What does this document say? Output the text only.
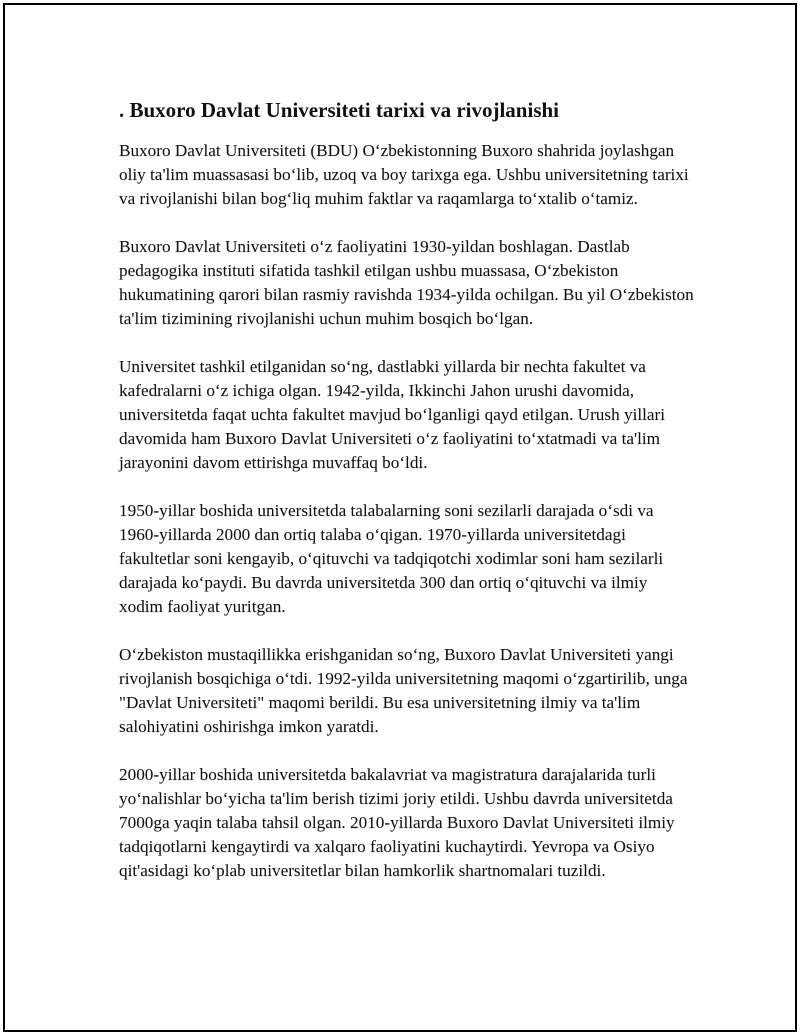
. Buxoro Davlat Universiteti tarixi va rivojlanishi

Buxoro Davlat Universiteti (BDU) O‘zbekistonning Buxoro shahrida joylashgan oliy ta'lim muassasasi bo‘lib, uzoq va boy tarixga ega. Ushbu universitetning tarixi va rivojlanishi bilan bog‘liq muhim faktlar va raqamlarga to‘xtalib o‘tamiz.

Buxoro Davlat Universiteti o‘z faoliyatini 1930-yildan boshlagan. Dastlab pedagogika instituti sifatida tashkil etilgan ushbu muassasa, O‘zbekiston hukumatining qarori bilan rasmiy ravishda 1934-yilda ochilgan. Bu yil O‘zbekiston ta'lim tizimining rivojlanishi uchun muhim bosqich bo‘lgan.

Universitet tashkil etilganidan so‘ng, dastlabki yillarda bir nechta fakultet va kafedralarni o‘z ichiga olgan. 1942-yilda, Ikkinchi Jahon urushi davomida, universitetda faqat uchta fakultet mavjud bo‘lganligi qayd etilgan. Urush yillari davomida ham Buxoro Davlat Universiteti o‘z faoliyatini to‘xtatmadi va ta'lim jarayonini davom ettirishga muvaffaq bo‘ldi.

1950-yillar boshida universitetda talabalarning soni sezilarli darajada o‘sdi va 1960-yillarda 2000 dan ortiq talaba o‘qigan. 1970-yillarda universitetdagi fakultetlar soni kengayib, o‘qituvchi va tadqiqotchi xodimlar soni ham sezilarli darajada ko‘paydi. Bu davrda universitetda 300 dan ortiq o‘qituvchi va ilmiy xodim faoliyat yuritgan.

O‘zbekiston mustaqillikka erishganidan so‘ng, Buxoro Davlat Universiteti yangi rivojlanish bosqichiga o‘tdi. 1992-yilda universitetning maqomi o‘zgartirilib, unga "Davlat Universiteti" maqomi berildi. Bu esa universitetning ilmiy va ta'lim salohiyatini oshirishga imkon yaratdi.

2000-yillar boshida universitetda bakalavriat va magistratura darajalarida turli yo‘nalishlar bo‘yicha ta'lim berish tizimi joriy etildi. Ushbu davrda universitetda 7000ga yaqin talaba tahsil olgan. 2010-yillarda Buxoro Davlat Universiteti ilmiy tadqiqotlarni kengaytirdi va xalqaro faoliyatini kuchaytirdi. Yevropa va Osiyo qit'asidagi ko‘plab universitetlar bilan hamkorlik shartnomalari tuzildi.
